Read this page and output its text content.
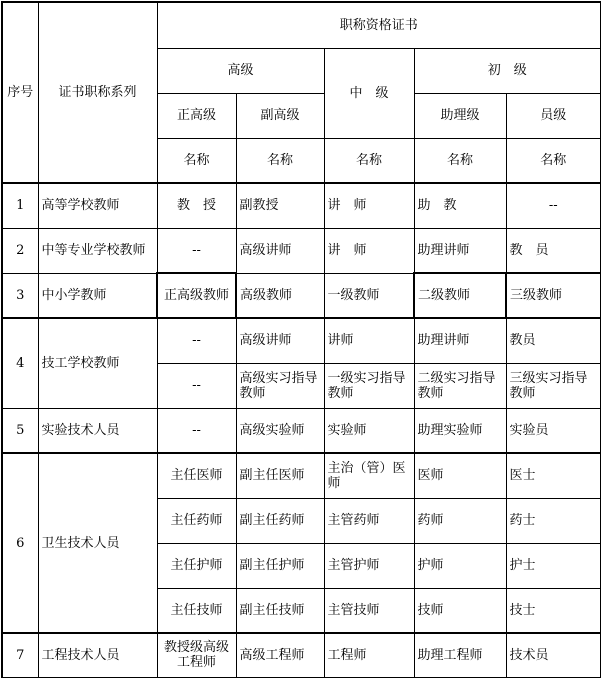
序号	证书职称系列	职称资格证书				
		高级		中　级	初　级	
		正高级	副高级		助理级	员级
		名称	名称	名称	名称	名称
1	高等学校教师	教　授	副教授	讲　师	助　教	--
2	中等专业学校教师	--	高级讲师	讲　师	助理讲师	教　员
3	中小学教师	正高级教师	高级教师	一级教师	二级教师	三级教师
4	技工学校教师	--	高级讲师	讲师	助理讲师	教员
		--	高级实习指导教师	一级实习指导教师	二级实习指导教师	三级实习指导教师
5	实验技术人员	--	高级实验师	实验师	助理实验师	实验员
6	卫生技术人员	主任医师	副主任医师	主治（管）医师	医师	医士
		主任药师	副主任药师	主管药师	药师	药士
		主任护师	副主任护师	主管护师	护师	护士
		主任技师	副主任技师	主管技师	技师	技士
7	工程技术人员	教授级高级工程师	高级工程师	工程师	助理工程师	技术员
